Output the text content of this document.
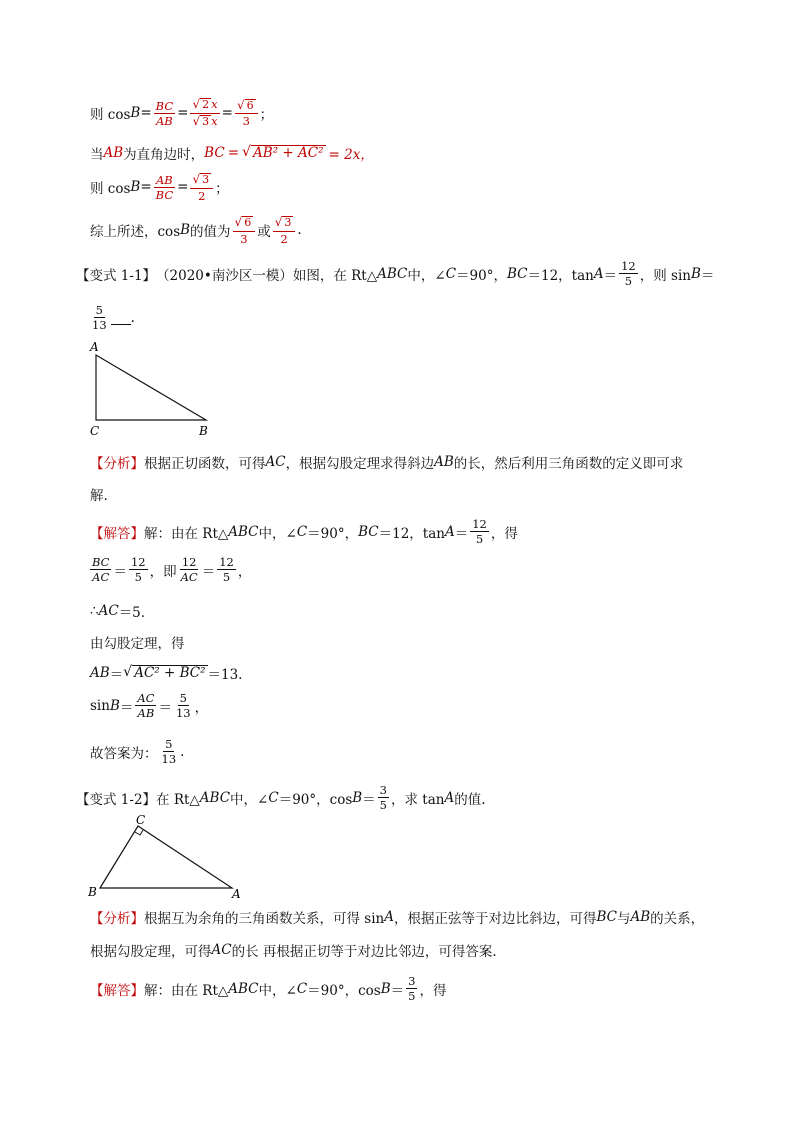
则 $\cos B = \frac{BC}{AB} = \frac{√ 2 x}{√ 3 x} = \frac{√ 6}{3}$ ；
当 AB 为直角边时， BC = √ AB² + AC² = 2x，
则 $\cos B = \frac{AB}{BC} = \frac{√ 3}{2}$ ；
综上所述，cos B 的值为 $\frac{√ 6}{3}$ 或 $\frac{√ 3}{2}$ .
【变式 1-1】 （2020•南沙区一模）如图，在 Rt△ ABC 中，∠ C ＝90°， BC ＝12，$\tan A = \frac{12}{5}$ ，则 sin B ＝
$\frac{5}{13}$ .
A
C	B
【分析】 根据正切函数，可得 AC ，根据勾股定理求得斜边 AB 的长，然后利用三角函数的定义即可求
解.
【解答】 解：由在 Rt△ ABC 中，∠ C ＝90°， BC ＝12，$\tan A = \frac{12}{5}$ ，得
$\frac{BC}{AC} = \frac{12}{5}$ ，即 $\frac{12}{AC} = \frac{12}{5}$ ，
∴ AC ＝5.
由勾股定理，得
AB ＝ √ AC² + BC² ＝13.
$\sin B = \frac{AC}{AB} = \frac{5}{13}$ ，
故答案为： $\frac{5}{13}$ .
【变式 1-2】 在 Rt△ ABC 中，∠ C ＝90°，$\cos B = \frac{3}{5}$ ，求 tan A 的值.
C
B	A
【分析】 根据互为余角的三角函数关系，可得 sin A ，根据正弦等于对边比斜边，可得 BC 与 AB 的关系，
根据勾股定理，可得 AC 的长 再根据正切等于对边比邻边，可得答案.
【解答】 解：由在 Rt△ ABC 中，∠ C ＝90°，$\cos B = \frac{3}{5}$ ，得
